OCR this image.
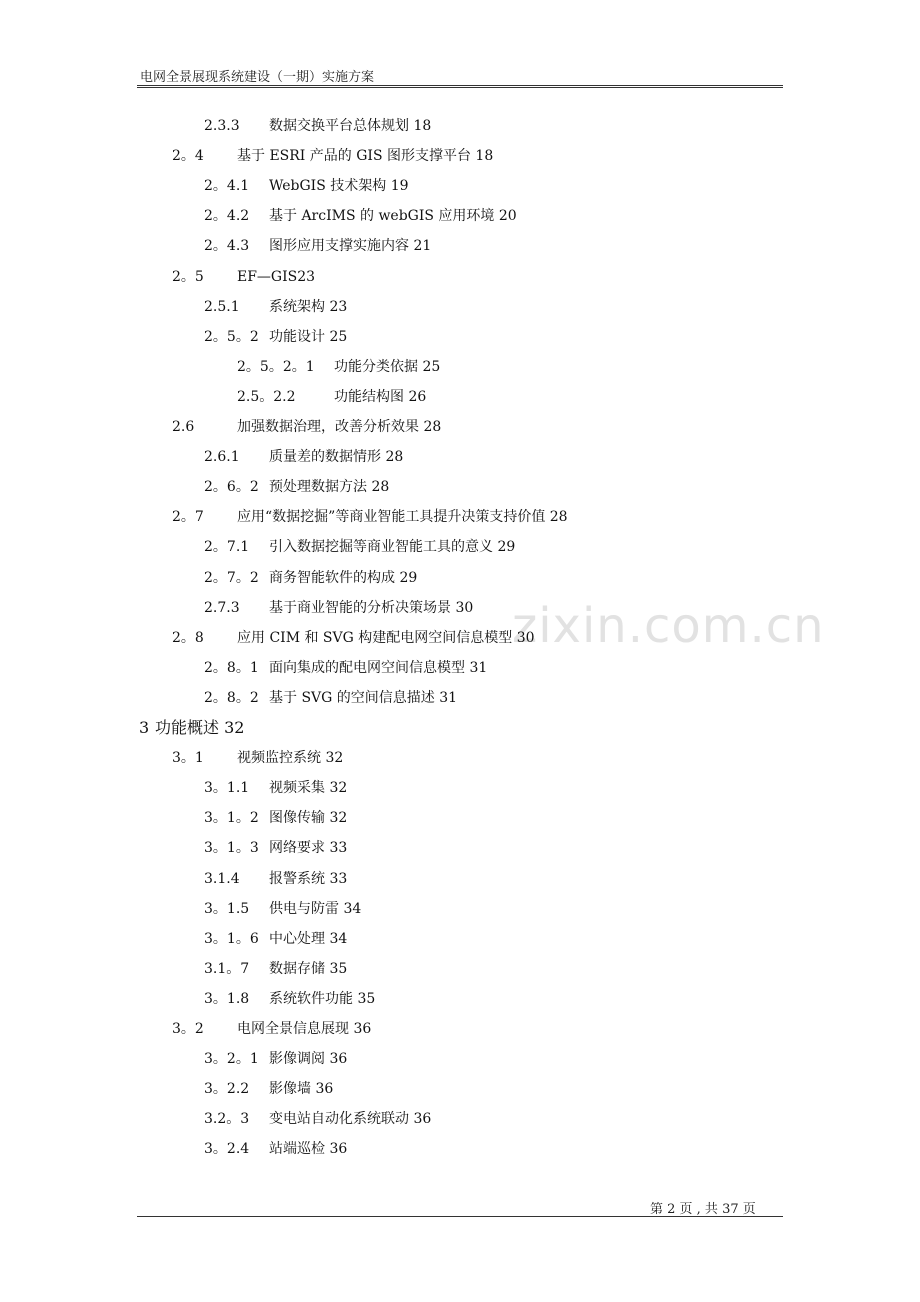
电网全景展现系统建设（一期）实施方案
zixin.com.cn
2.3.3 数据交换平台总体规划 18
2。4 基于 ESRI 产品的 GIS 图形支撑平台 18
2。4.1 WebGIS 技术架构 19
2。4.2 基于 ArcIMS 的 webGIS 应用环境 20
2。4.3 图形应用支撑实施内容 21
2。5 EF—GIS23
2.5.1 系统架构 23
2。5。2 功能设计 25
2。5。2。1 功能分类依据 25
2.5。2.2	功能结构图 26
2.6	加强数据治理，改善分析效果 28
2.6.1 质量差的数据情形 28
2。6。2 预处理数据方法 28
2。7 应用“数据挖掘”等商业智能工具提升决策支持价值 28
2。7.1 引入数据挖掘等商业智能工具的意义 29
2。7。2 商务智能软件的构成 29
2.7.3 基于商业智能的分析决策场景 30
2。8 应用 CIM 和 SVG 构建配电网空间信息模型 30
2。8。1 面向集成的配电网空间信息模型 31
2。8。2 基于 SVG 的空间信息描述 31
3 功能概述 32
3。1 视频监控系统 32
3。1.1 视频采集 32
3。1。2 图像传输 32
3。1。3 网络要求 33
3.1.4 报警系统 33
3。1.5 供电与防雷 34
3。1。6 中心处理 34
3.1。7 数据存储 35
3。1.8 系统软件功能 35
3。2 电网全景信息展现 36
3。2。1 影像调阅 36
3。2.2 影像墙 36
3.2。3 变电站自动化系统联动 36
3。2.4 站端巡检 36
第 2 页 , 共 37 页
